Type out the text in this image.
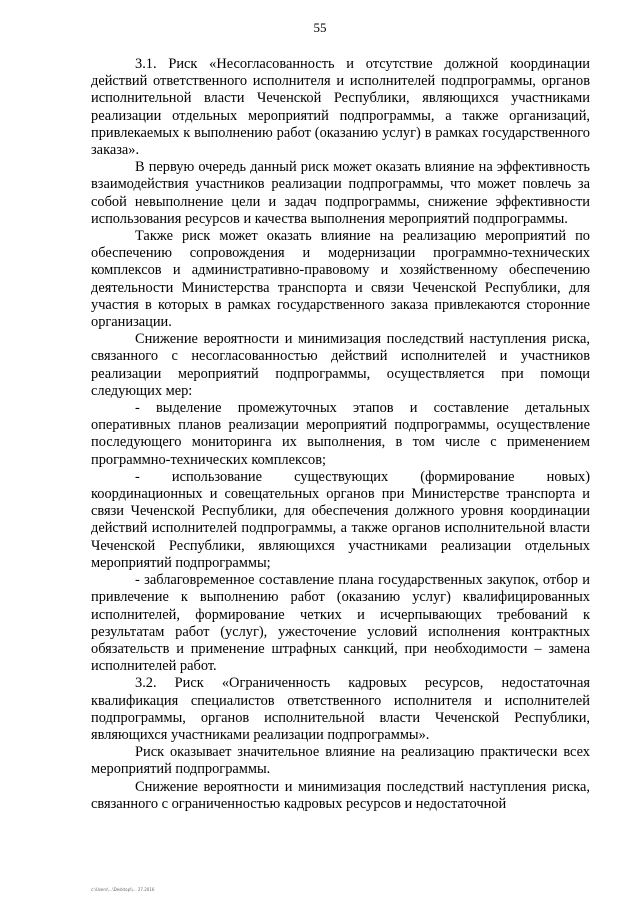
55

3.1. Риск «Несогласованность и отсутствие должной координации действий ответственного исполнителя и исполнителей подпрограммы, органов исполнительной власти Чеченской Республики, являющихся участниками реализации отдельных мероприятий подпрограммы, а также организаций, привлекаемых к выполнению работ (оказанию услуг) в рамках государственного заказа».

В первую очередь данный риск может оказать влияние на эффективность взаимодействия участников реализации подпрограммы, что может повлечь за собой невыполнение цели и задач подпрограммы, снижение эффективности использования ресурсов и качества выполнения мероприятий подпрограммы.

Также риск может оказать влияние на реализацию мероприятий по обеспечению сопровождения и модернизации программно-технических комплексов и административно-правовому и хозяйственному обеспечению деятельности Министерства транспорта и связи Чеченской Республики, для участия в которых в рамках государственного заказа привлекаются сторонние организации.

Снижение вероятности и минимизация последствий наступления риска, связанного с несогласованностью действий исполнителей и участников реализации мероприятий подпрограммы, осуществляется при помощи следующих мер:

- выделение промежуточных этапов и составление детальных оперативных планов реализации мероприятий подпрограммы, осуществление последующего мониторинга их выполнения, в том числе с применением программно-технических комплексов;

- использование существующих (формирование новых) координационных и совещательных органов при Министерстве транспорта и связи Чеченской Республики, для обеспечения должного уровня координации действий исполнителей подпрограммы, а также органов исполнительной власти Чеченской Республики, являющихся участниками реализации отдельных мероприятий подпрограммы;

- заблаговременное составление плана государственных закупок, отбор и привлечение к выполнению работ (оказанию услуг) квалифицированных исполнителей, формирование четких и исчерпывающих требований к результатам работ (услуг), ужесточение условий исполнения контрактных обязательств и применение штрафных санкций, при необходимости – замена исполнителей работ.

3.2. Риск «Ограниченность кадровых ресурсов, недостаточная квалификация специалистов ответственного исполнителя и исполнителей подпрограммы, органов исполнительной власти Чеченской Республики, являющихся участниками реализации подпрограммы».

Риск оказывает значительное влияние на реализацию практически всех мероприятий подпрограммы.

Снижение вероятности и минимизация последствий наступления риска, связанного с ограниченностью кадровых ресурсов и недостаточной

c:\Users\...\Desktop\\... 27.2016
